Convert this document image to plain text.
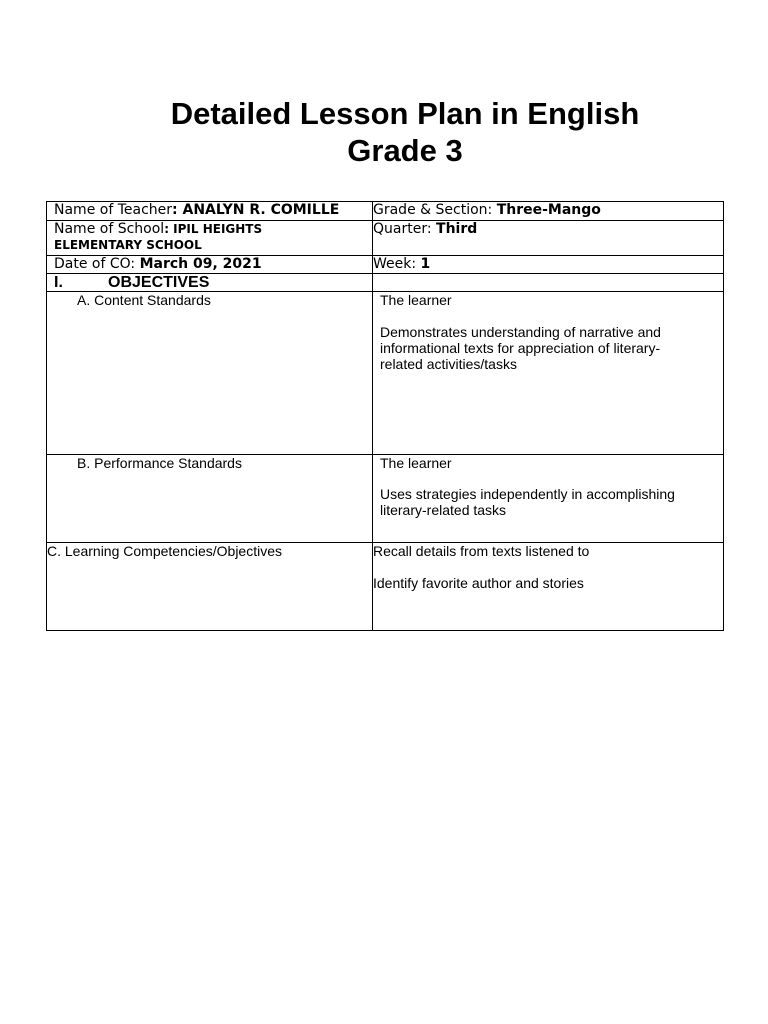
Detailed Lesson Plan in English
Grade 3
Name of Teacher: ANALYN R. COMILLE	Grade & Section: Three-Mango
Name of School: IPIL HEIGHTS
ELEMENTARY SCHOOL	Quarter: Third
Date of CO: March 09, 2021	Week: 1
I. OBJECTIVES	
A. Content Standards	The learner
Demonstrates understanding of narrative and
informational texts for appreciation of literary-
related activities/tasks

B. Performance Standards	The learner
Uses strategies independently in accomplishing
literary-related tasks

C. Learning Competencies/Objectives	Recall details from texts listened to
Identify favorite author and stories
